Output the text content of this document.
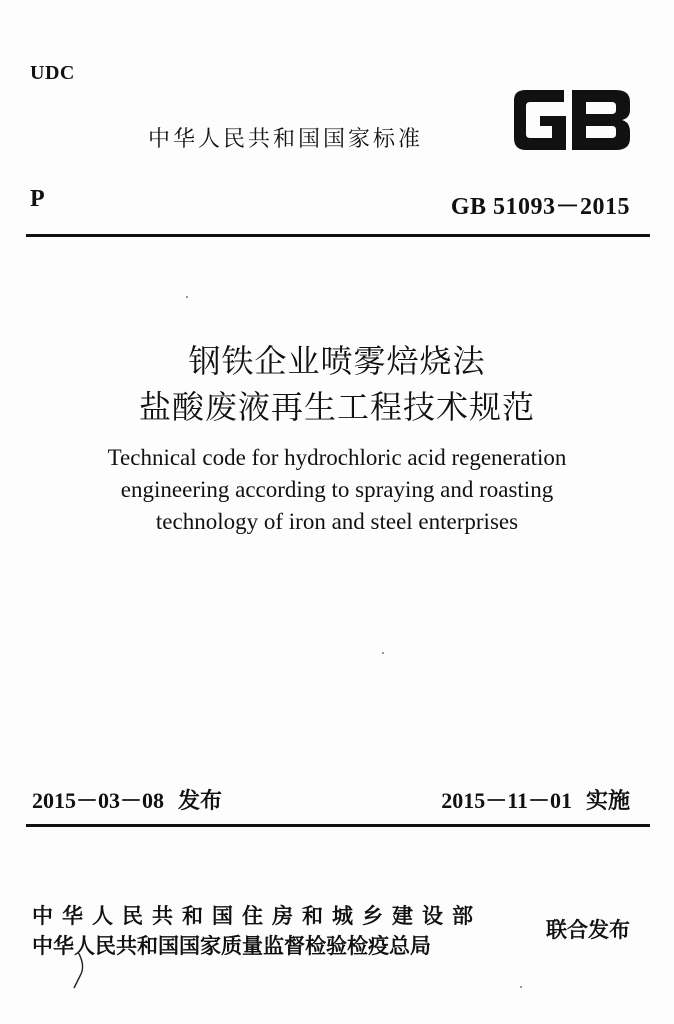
UDC
中华人民共和国国家标准
P	GB 51093－2015
钢铁企业喷雾焙烧法
盐酸废液再生工程技术规范
Technical code for hydrochloric acid regeneration
engineering according to spraying and roasting
technology of iron and steel enterprises
2015－03－08 发布	2015－11－01 实施
中华人民共和国住房和城乡建设部
中华人民共和国国家质量监督检验检疫总局
联合发布
